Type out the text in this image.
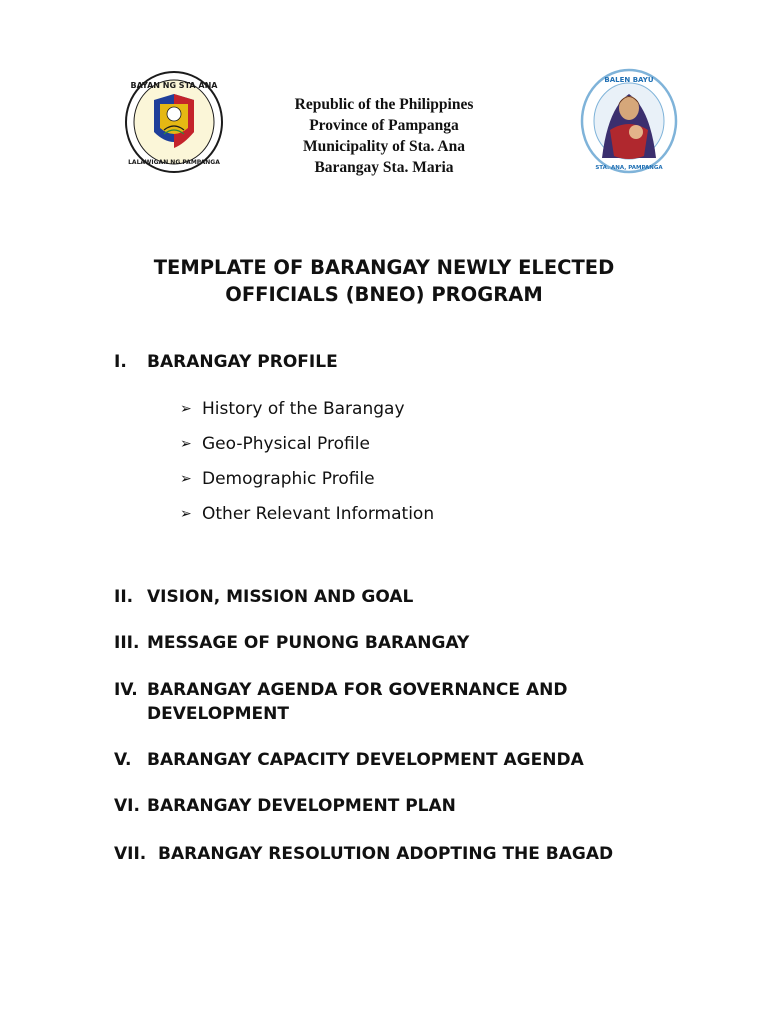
BAYAN NG STA ANA
LALAWIGAN NG PAMPANGA
Republic of the Philippines
Province of Pampanga
Municipality of Sta. Ana
Barangay Sta. Maria
BALEN BAYU
STA. ANA, PAMPANGA
TEMPLATE OF BARANGAY NEWLY ELECTED
OFFICIALS (BNEO) PROGRAM
I. BARANGAY PROFILE
➢ History of the Barangay
➢ Geo-Physical Profile
➢ Demographic Profile
➢ Other Relevant Information
II. VISION, MISSION AND GOAL
III. MESSAGE OF PUNONG BARANGAY
IV. BARANGAY AGENDA FOR GOVERNANCE AND DEVELOPMENT
V. BARANGAY CAPACITY DEVELOPMENT AGENDA
VI. BARANGAY DEVELOPMENT PLAN
VII. BARANGAY RESOLUTION ADOPTING THE BAGAD
